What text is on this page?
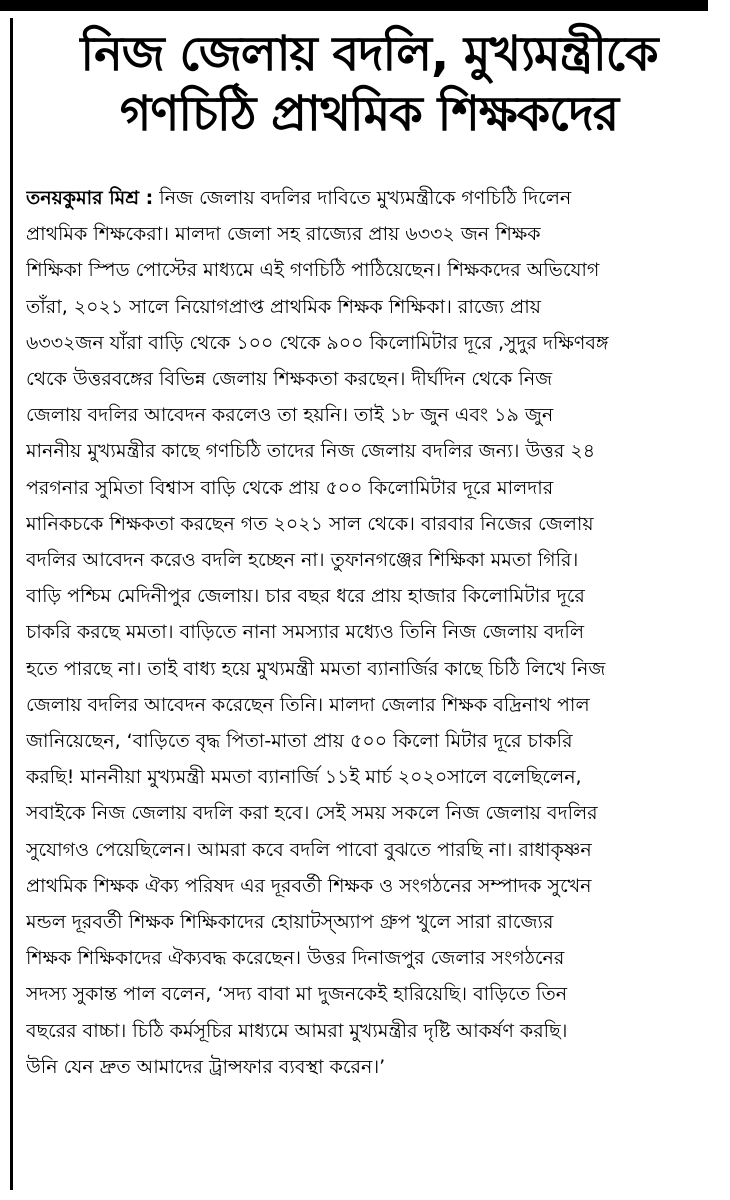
নিজ জেলায় বদলি, মুখ্যমন্ত্রীকে
গণচিঠি প্রাথমিক শিক্ষকদের
তনয়কুমার মিশ্র : নিজ জেলায় বদলির দাবিতে মুখ্যমন্ত্রীকে গণচিঠি দিলেন
প্রাথমিক শিক্ষকেরা। মালদা জেলা সহ রাজ্যের প্রায় ৬৩৩২ জন শিক্ষক
শিক্ষিকা স্পিড পোস্টের মাধ্যমে এই গণচিঠি পাঠিয়েছেন। শিক্ষকদের অভিযোগ
তাঁরা, ২০২১ সালে নিয়োগপ্রাপ্ত প্রাথমিক শিক্ষক শিক্ষিকা। রাজ্যে প্রায়
৬৩৩২জন যাঁরা বাড়ি থেকে ১০০ থেকে ৯০০ কিলোমিটার দূরে ,সুদুর দক্ষিণবঙ্গ
থেকে উত্তরবঙ্গের বিভিন্ন জেলায় শিক্ষকতা করছেন। দীর্ঘদিন থেকে নিজ
জেলায় বদলির আবেদন করলেও তা হয়নি। তাই ১৮ জুন এবং ১৯ জুন
মাননীয় মুখ্যমন্ত্রীর কাছে গণচিঠি তাদের নিজ জেলায় বদলির জন্য। উত্তর ২৪
পরগনার সুমিতা বিশ্বাস বাড়ি থেকে প্রায় ৫০০ কিলোমিটার দূরে মালদার
মানিকচকে শিক্ষকতা করছেন গত ২০২১ সাল থেকে। বারবার নিজের জেলায়
বদলির আবেদন করেও বদলি হচ্ছেন না। তুফানগঞ্জের শিক্ষিকা মমতা গিরি।
বাড়ি পশ্চিম মেদিনীপুর জেলায়। চার বছর ধরে প্রায় হাজার কিলোমিটার দূরে
চাকরি করছে মমতা। বাড়িতে নানা সমস্যার মধ্যেও তিনি নিজ জেলায় বদলি
হতে পারছে না। তাই বাধ্য হয়ে মুখ্যমন্ত্রী মমতা ব্যানার্জির কাছে চিঠি লিখে নিজ
জেলায় বদলির আবেদন করেছেন তিনি। মালদা জেলার শিক্ষক বদ্রিনাথ পাল
জানিয়েছেন, ‘বাড়িতে বৃদ্ধ পিতা-মাতা প্রায় ৫০০ কিলো মিটার দূরে চাকরি
করছি! মাননীয়া মুখ্যমন্ত্রী মমতা ব্যানার্জি ১১ই মার্চ ২০২০সালে বলেছিলেন,
সবাইকে নিজ জেলায় বদলি করা হবে। সেই সময় সকলে নিজ জেলায় বদলির
সুযোগও পেয়েছিলেন। আমরা কবে বদলি পাবো বুঝতে পারছি না। রাধাকৃষ্ণন
প্রাথমিক শিক্ষক ঐক্য পরিষদ এর দূরবর্তী শিক্ষক ও সংগঠনের সম্পাদক সুখেন
মন্ডল দূরবর্তী শিক্ষক শিক্ষিকাদের হোয়াটস্অ্যাপ গ্রুপ খুলে সারা রাজ্যের
শিক্ষক শিক্ষিকাদের ঐক্যবদ্ধ করেছেন। উত্তর দিনাজপুর জেলার সংগঠনের
সদস্য সুকান্ত পাল বলেন, ‘সদ্য বাবা মা দুজনকেই হারিয়েছি। বাড়িতে তিন
বছরের বাচ্চা। চিঠি কর্মসূচির মাধ্যমে আমরা মুখ্যমন্ত্রীর দৃষ্টি আকর্ষণ করছি।
উনি যেন দ্রুত আমাদের ট্রান্সফার ব্যবস্থা করেন।’
